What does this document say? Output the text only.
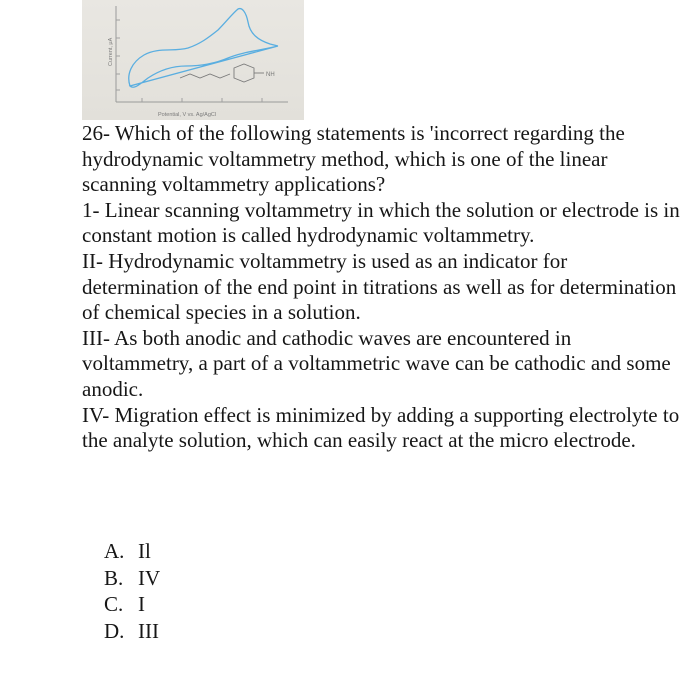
NH
Current, μA
Potential, V vs. Ag/AgCl

26- Which of the following statements is 'incorrect regarding the hydrodynamic voltammetry method, which is one of the linear scanning voltammetry applications?

1- Linear scanning voltammetry in which the solution or electrode is in constant motion is called hydrodynamic voltammetry.

II- Hydrodynamic voltammetry is used as an indicator for determination of the end point in titrations as well as for determination of chemical species in a solution.

III- As both anodic and cathodic waves are encountered in voltammetry, a part of a voltammetric wave can be cathodic and some anodic.

IV- Migration effect is minimized by adding a supporting electrolyte to the analyte solution, which can easily react at the micro electrode.

A. Il
B. IV
C. I
D. III
